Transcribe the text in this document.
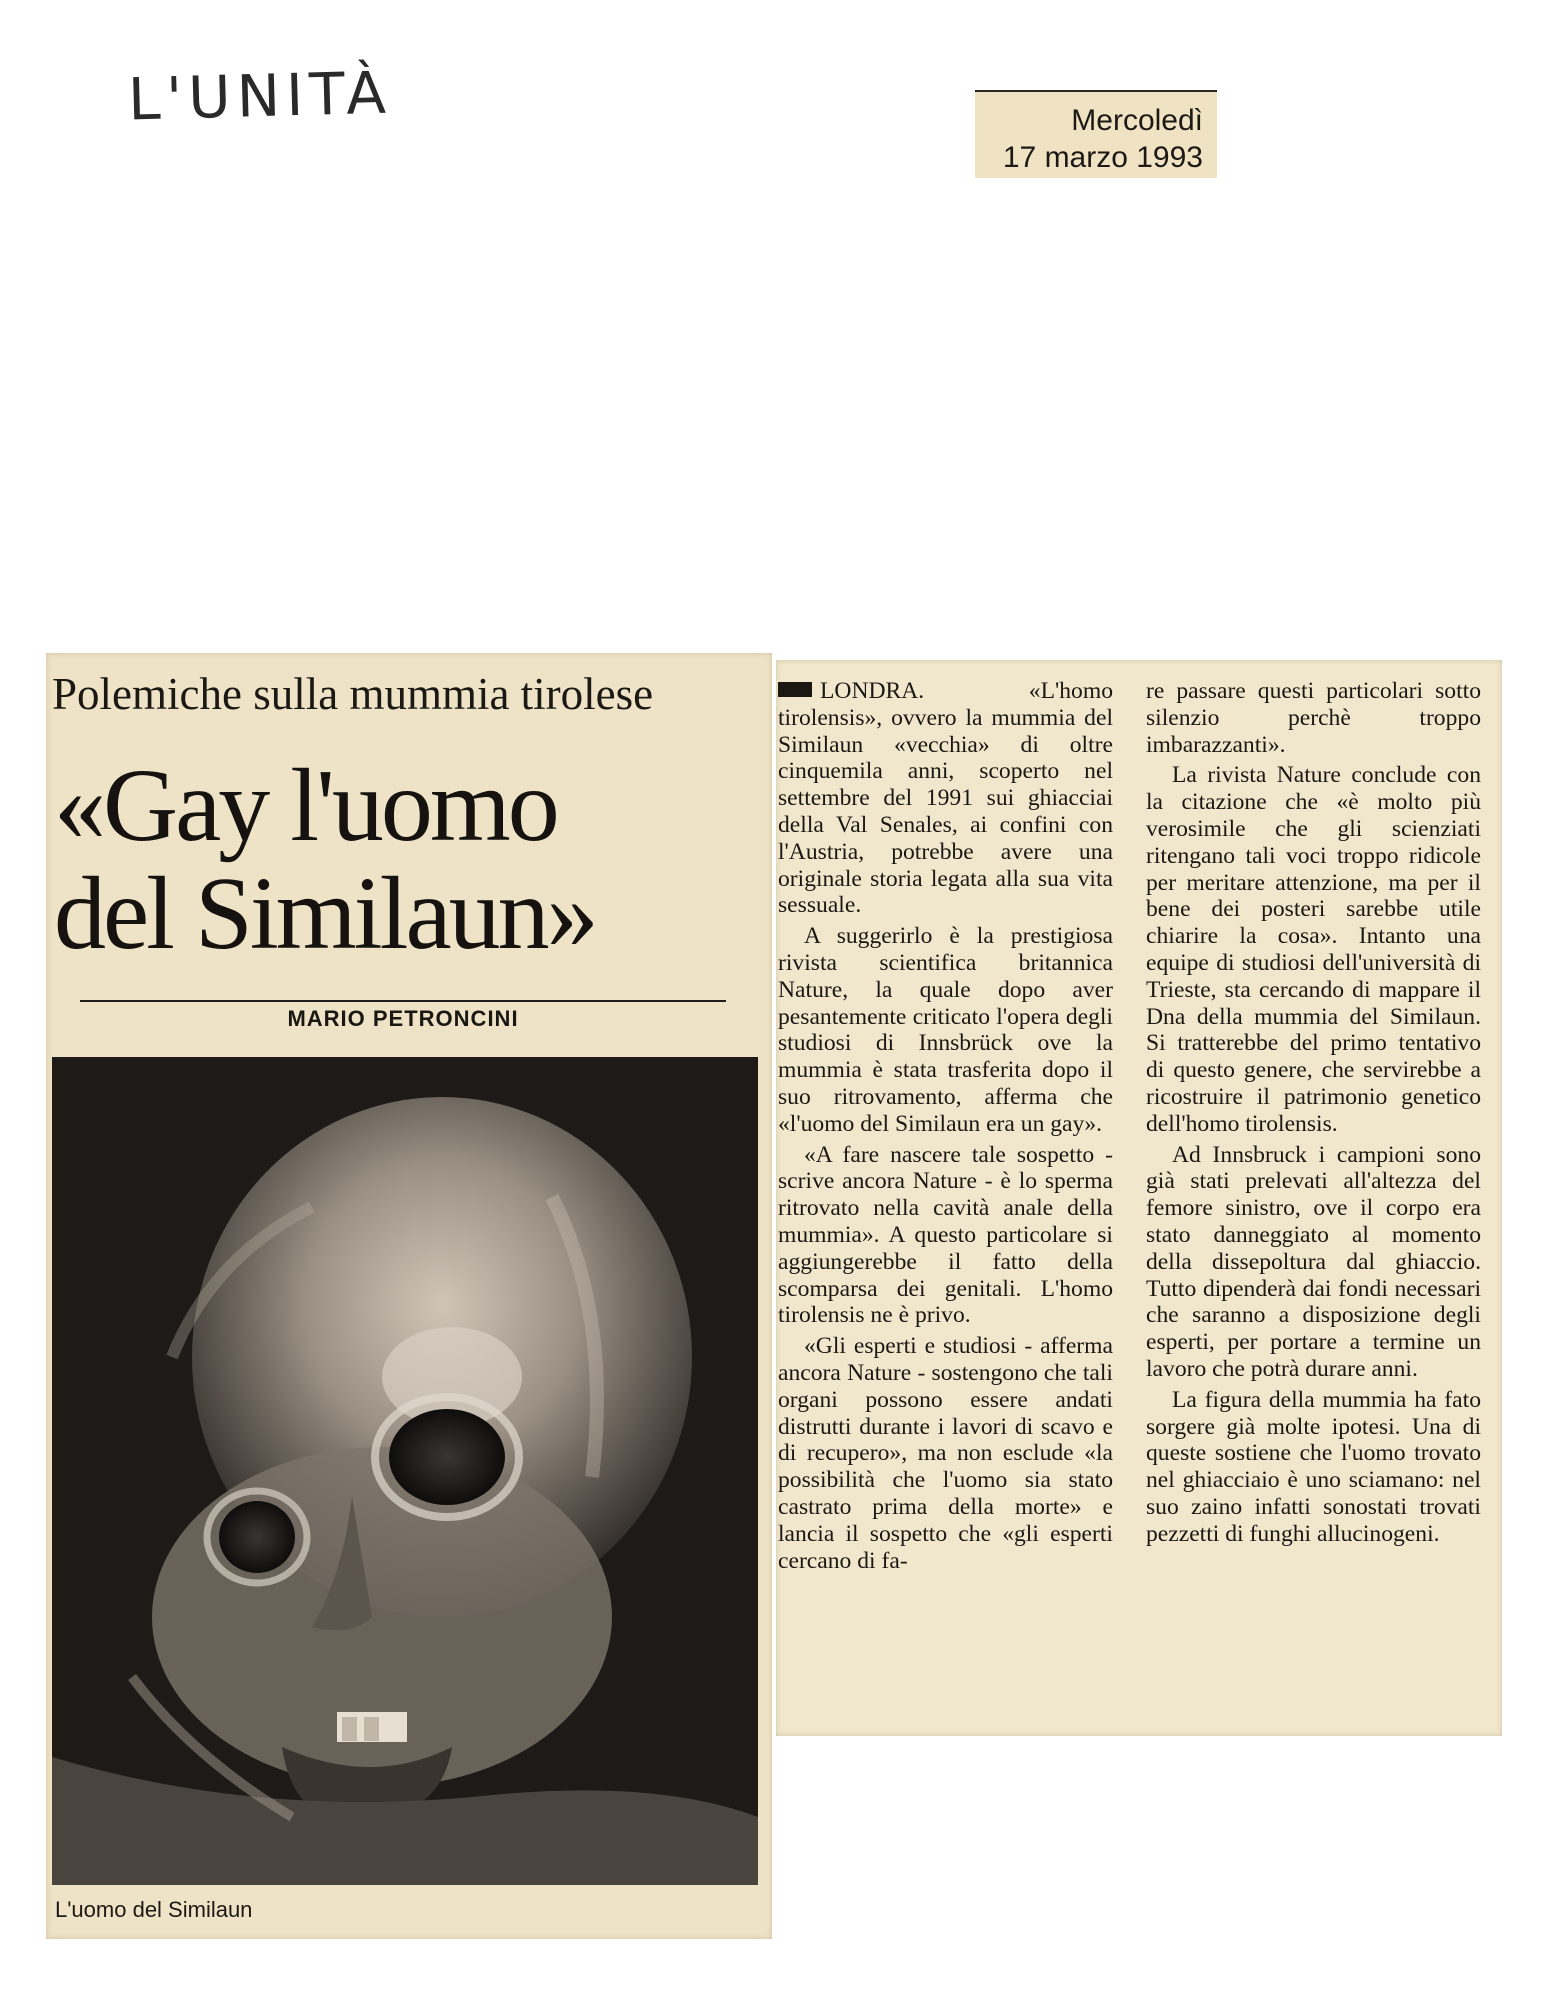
L'UNITÀ	Mercoledì
17 marzo 1993
Polemiche sulla mummia tirolese
«Gay l'uomo
del Similaun»
MARIO PETRONCINI
L'uomo del Similaun

LONDRA.	«L'homo tirolensis», ovvero la mummia del Similaun «vecchia» di oltre cinquemila anni, scoperto nel settembre del 1991 sui ghiacciai della Val Senales, ai confini con l'Austria, potrebbe avere una originale storia legata alla sua vita sessuale.

A suggerirlo è la prestigiosa rivista scientifica britannica Nature, la quale dopo aver pesantemente criticato l'opera degli studiosi di Innsbrück ove la mummia è stata trasferita dopo il suo ritrovamento, afferma che «l'uomo del Similaun era un gay».

«A fare nascere tale sospetto - scrive ancora Nature - è lo sperma ritrovato nella cavità anale della mummia». A questo particolare si aggiungerebbe il fatto della scomparsa dei genitali. L'homo tirolensis ne è privo.

«Gli esperti e studiosi - afferma ancora Nature - sostengono che tali organi possono essere andati distrutti durante i lavori di scavo e di recupero», ma non esclude «la possibilità che l'uomo sia stato castrato prima della morte» e lancia il sospetto che «gli esperti cercano di fa-

re passare questi particolari sotto silenzio perchè troppo imbarazzanti».

La rivista Nature conclude con la citazione che «è molto più verosimile che gli scienziati ritengano tali voci troppo ridicole per meritare attenzione, ma per il bene dei posteri sarebbe utile chiarire la cosa». Intanto una equipe di studiosi dell'università di Trieste, sta cercando di mappare il Dna della mummia del Similaun. Si tratterebbe del primo tentativo di questo genere, che servirebbe a ricostruire il patrimonio genetico dell'homo tirolensis.

Ad Innsbruck i campioni sono già stati prelevati all'altezza del femore sinistro, ove il corpo era stato danneggiato al momento della dissepoltura dal ghiaccio. Tutto dipenderà dai fondi necessari che saranno a disposizione degli esperti, per portare a termine un lavoro che potrà durare anni.

La figura della mummia ha fato sorgere già molte ipotesi. Una di queste sostiene che l'uomo trovato nel ghiacciaio è uno sciamano: nel suo zaino infatti sonostati trovati pezzetti di funghi allucinogeni.
